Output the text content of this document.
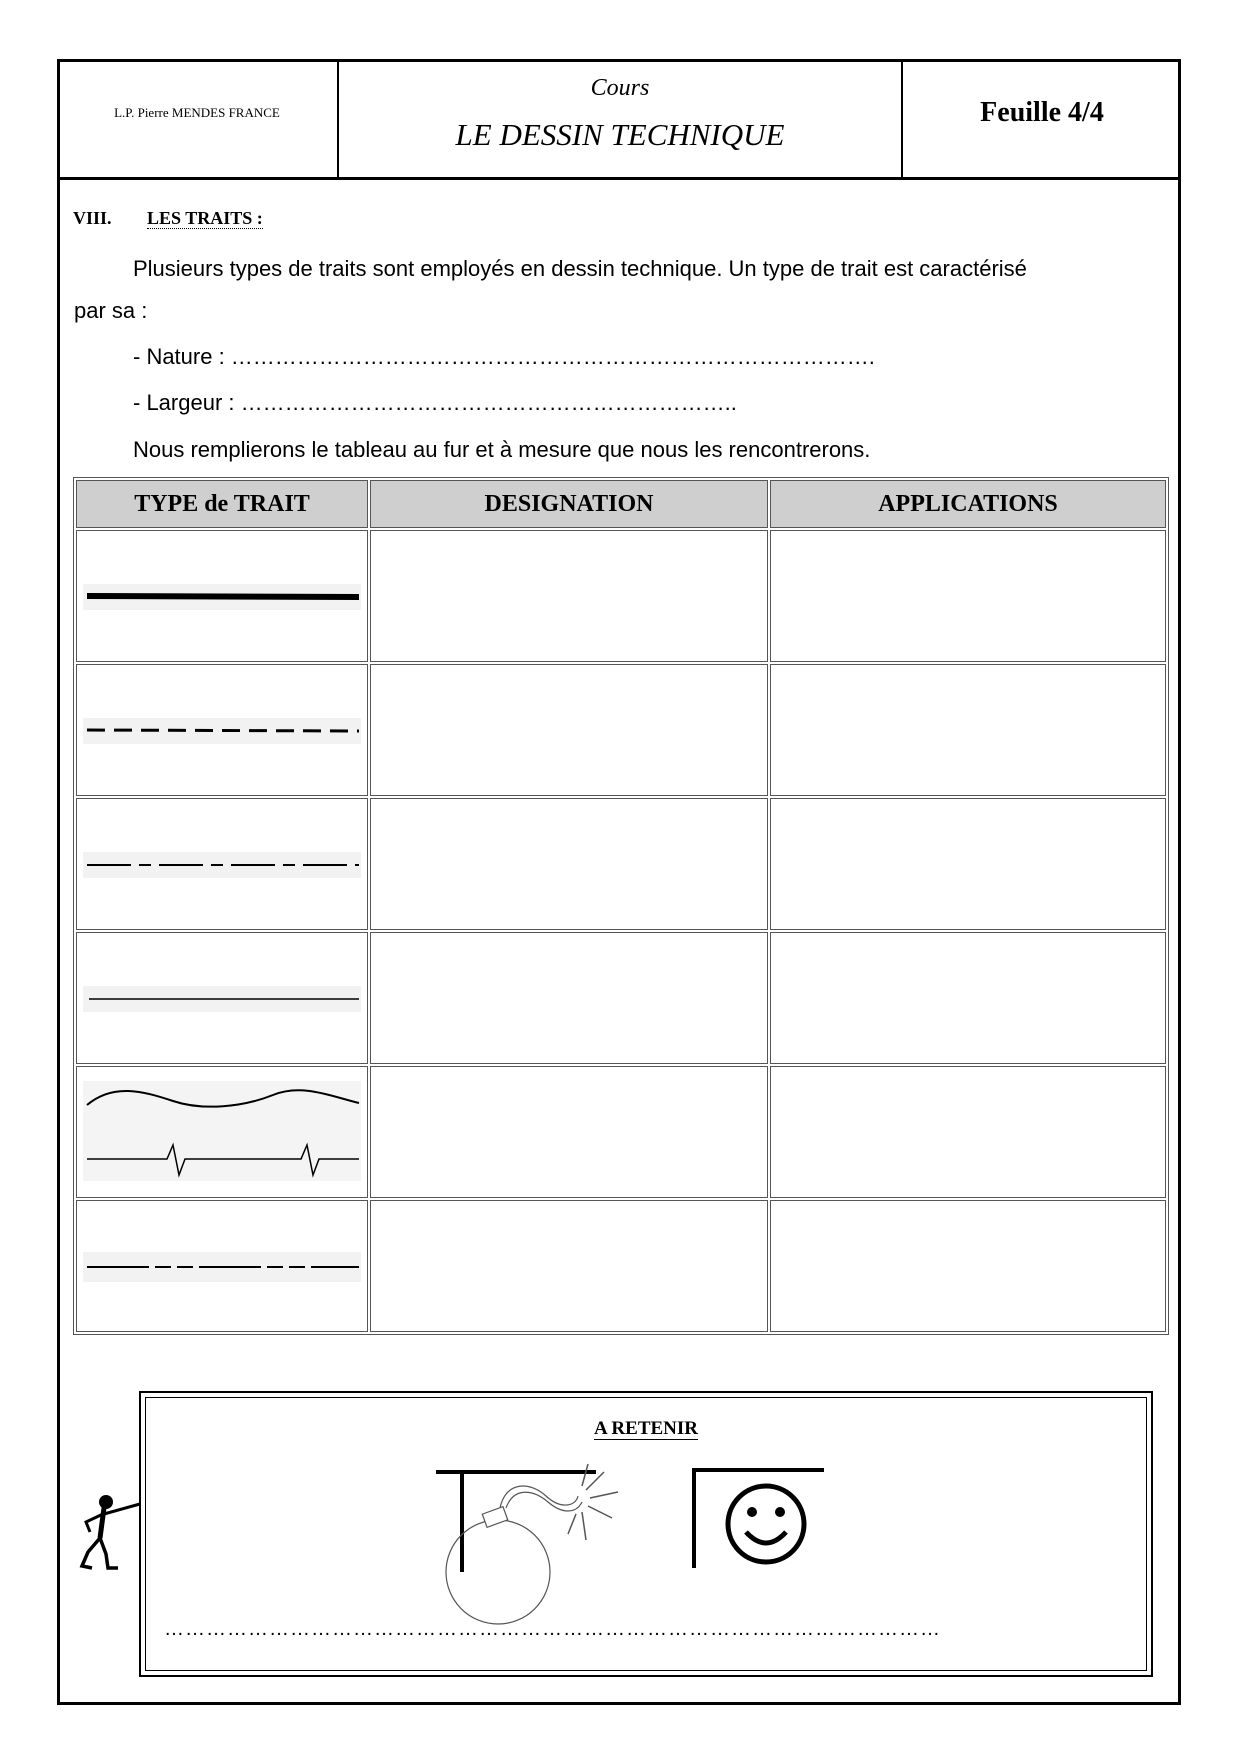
L.P. Pierre MENDES FRANCE
Cours
LE DESSIN TECHNIQUE
Feuille 4/4
VIII. LES TRAITS :
Plusieurs types de traits sont employés en dessin technique. Un type de trait est caractérisé
par sa :
- Nature : …………………………………………………………………………….
- Largeur : …………………………………………………………..
Nous remplierons le tableau au fur et à mesure que nous les rencontrerons.
TYPE de TRAIT	DESIGNATION	APPLICATIONS

A RETENIR
…………………………………………………………………………………………………
